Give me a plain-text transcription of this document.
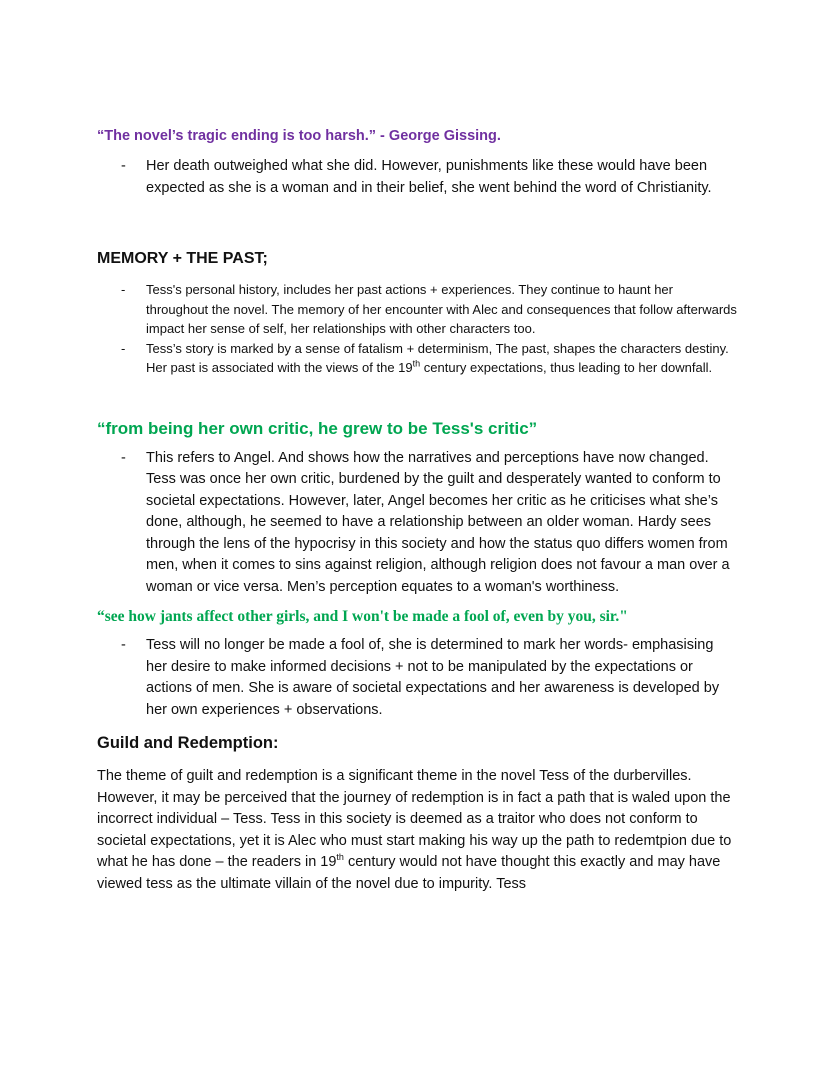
“The novel’s tragic ending is too harsh.” - George Gissing.

- Her death outweighed what she did. However, punishments like these would have been expected as she is a woman and in their belief, she went behind the word of Christianity.

MEMORY + THE PAST;

- Tess's personal history, includes her past actions + experiences. They continue to haunt her throughout the novel. The memory of her encounter with Alec and consequences that follow afterwards impact her sense of self, her relationships with other characters too.

- Tess’s story is marked by a sense of fatalism + determinism, The past, shapes the characters destiny. Her past is associated with the views of the 19th century expectations, thus leading to her downfall.

“from being her own critic, he grew to be Tess's critic”

- This refers to Angel. And shows how the narratives and perceptions have now changed. Tess was once her own critic, burdened by the guilt and desperately wanted to conform to societal expectations. However, later, Angel becomes her critic as he criticises what she’s done, although, he seemed to have a relationship between an older woman. Hardy sees through the lens of the hypocrisy in this society and how the status quo differs women from men, when it comes to sins against religion, although religion does not favour a man over a woman or vice versa. Men’s perception equates to a woman's worthiness.

“see how jants affect other girls, and I won't be made a fool of, even by you, sir."

- Tess will no longer be made a fool of, she is determined to mark her words- emphasising her desire to make informed decisions + not to be manipulated by the expectations or actions of men. She is aware of societal expectations and her awareness is developed by her own experiences + observations.

Guild and Redemption:

The theme of guilt and redemption is a significant theme in the novel Tess of the durbervilles. However, it may be perceived that the journey of redemption is in fact a path that is waled upon the incorrect individual – Tess. Tess in this society is deemed as a traitor who does not conform to societal expectations, yet it is Alec who must start making his way up the path to redemtpion due to what he has done – the readers in 19th century would not have thought this exactly and may have viewed tess as the ultimate villain of the novel due to impurity. Tess
